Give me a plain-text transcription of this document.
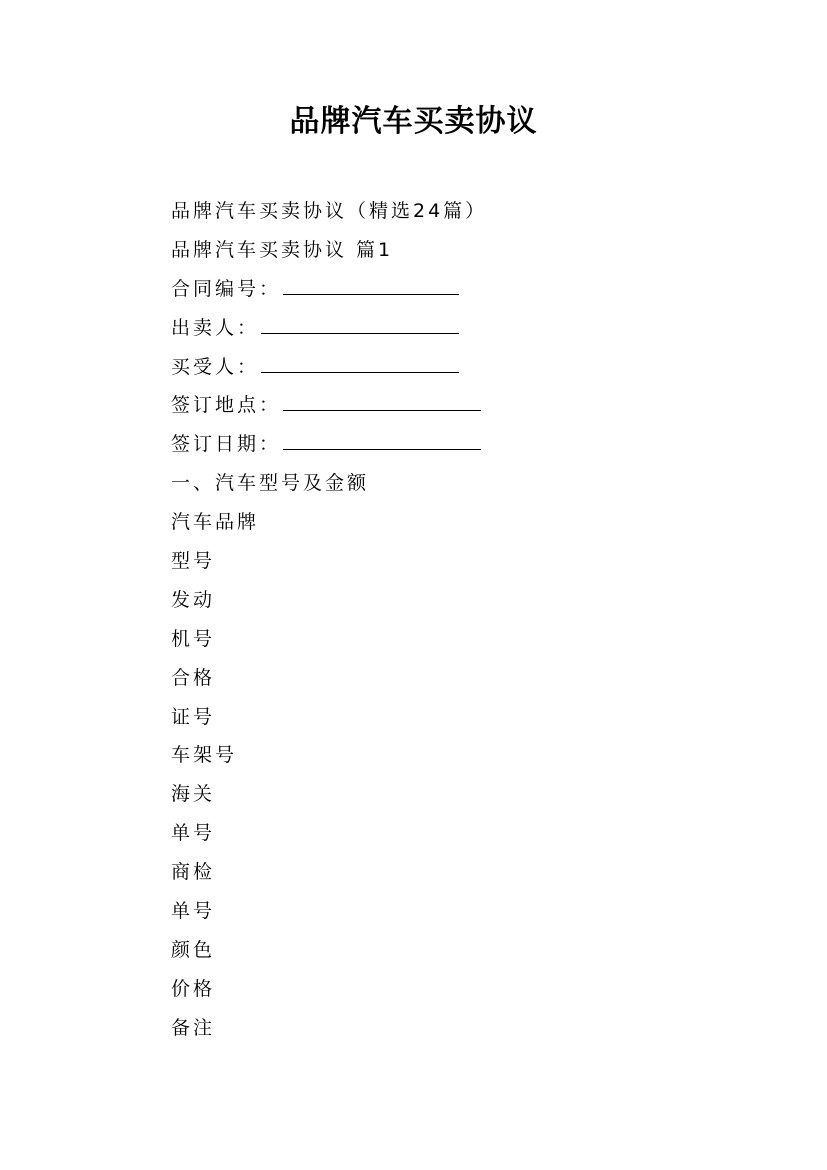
品牌汽车买卖协议
品牌汽车买卖协议（精选24篇）
品牌汽车买卖协议 篇1
合同编号：
出卖人：
买受人：
签订地点：
签订日期：
一、汽车型号及金额
汽车品牌
型号
发动
机号
合格
证号
车架号
海关
单号
商检
单号
颜色
价格
备注
